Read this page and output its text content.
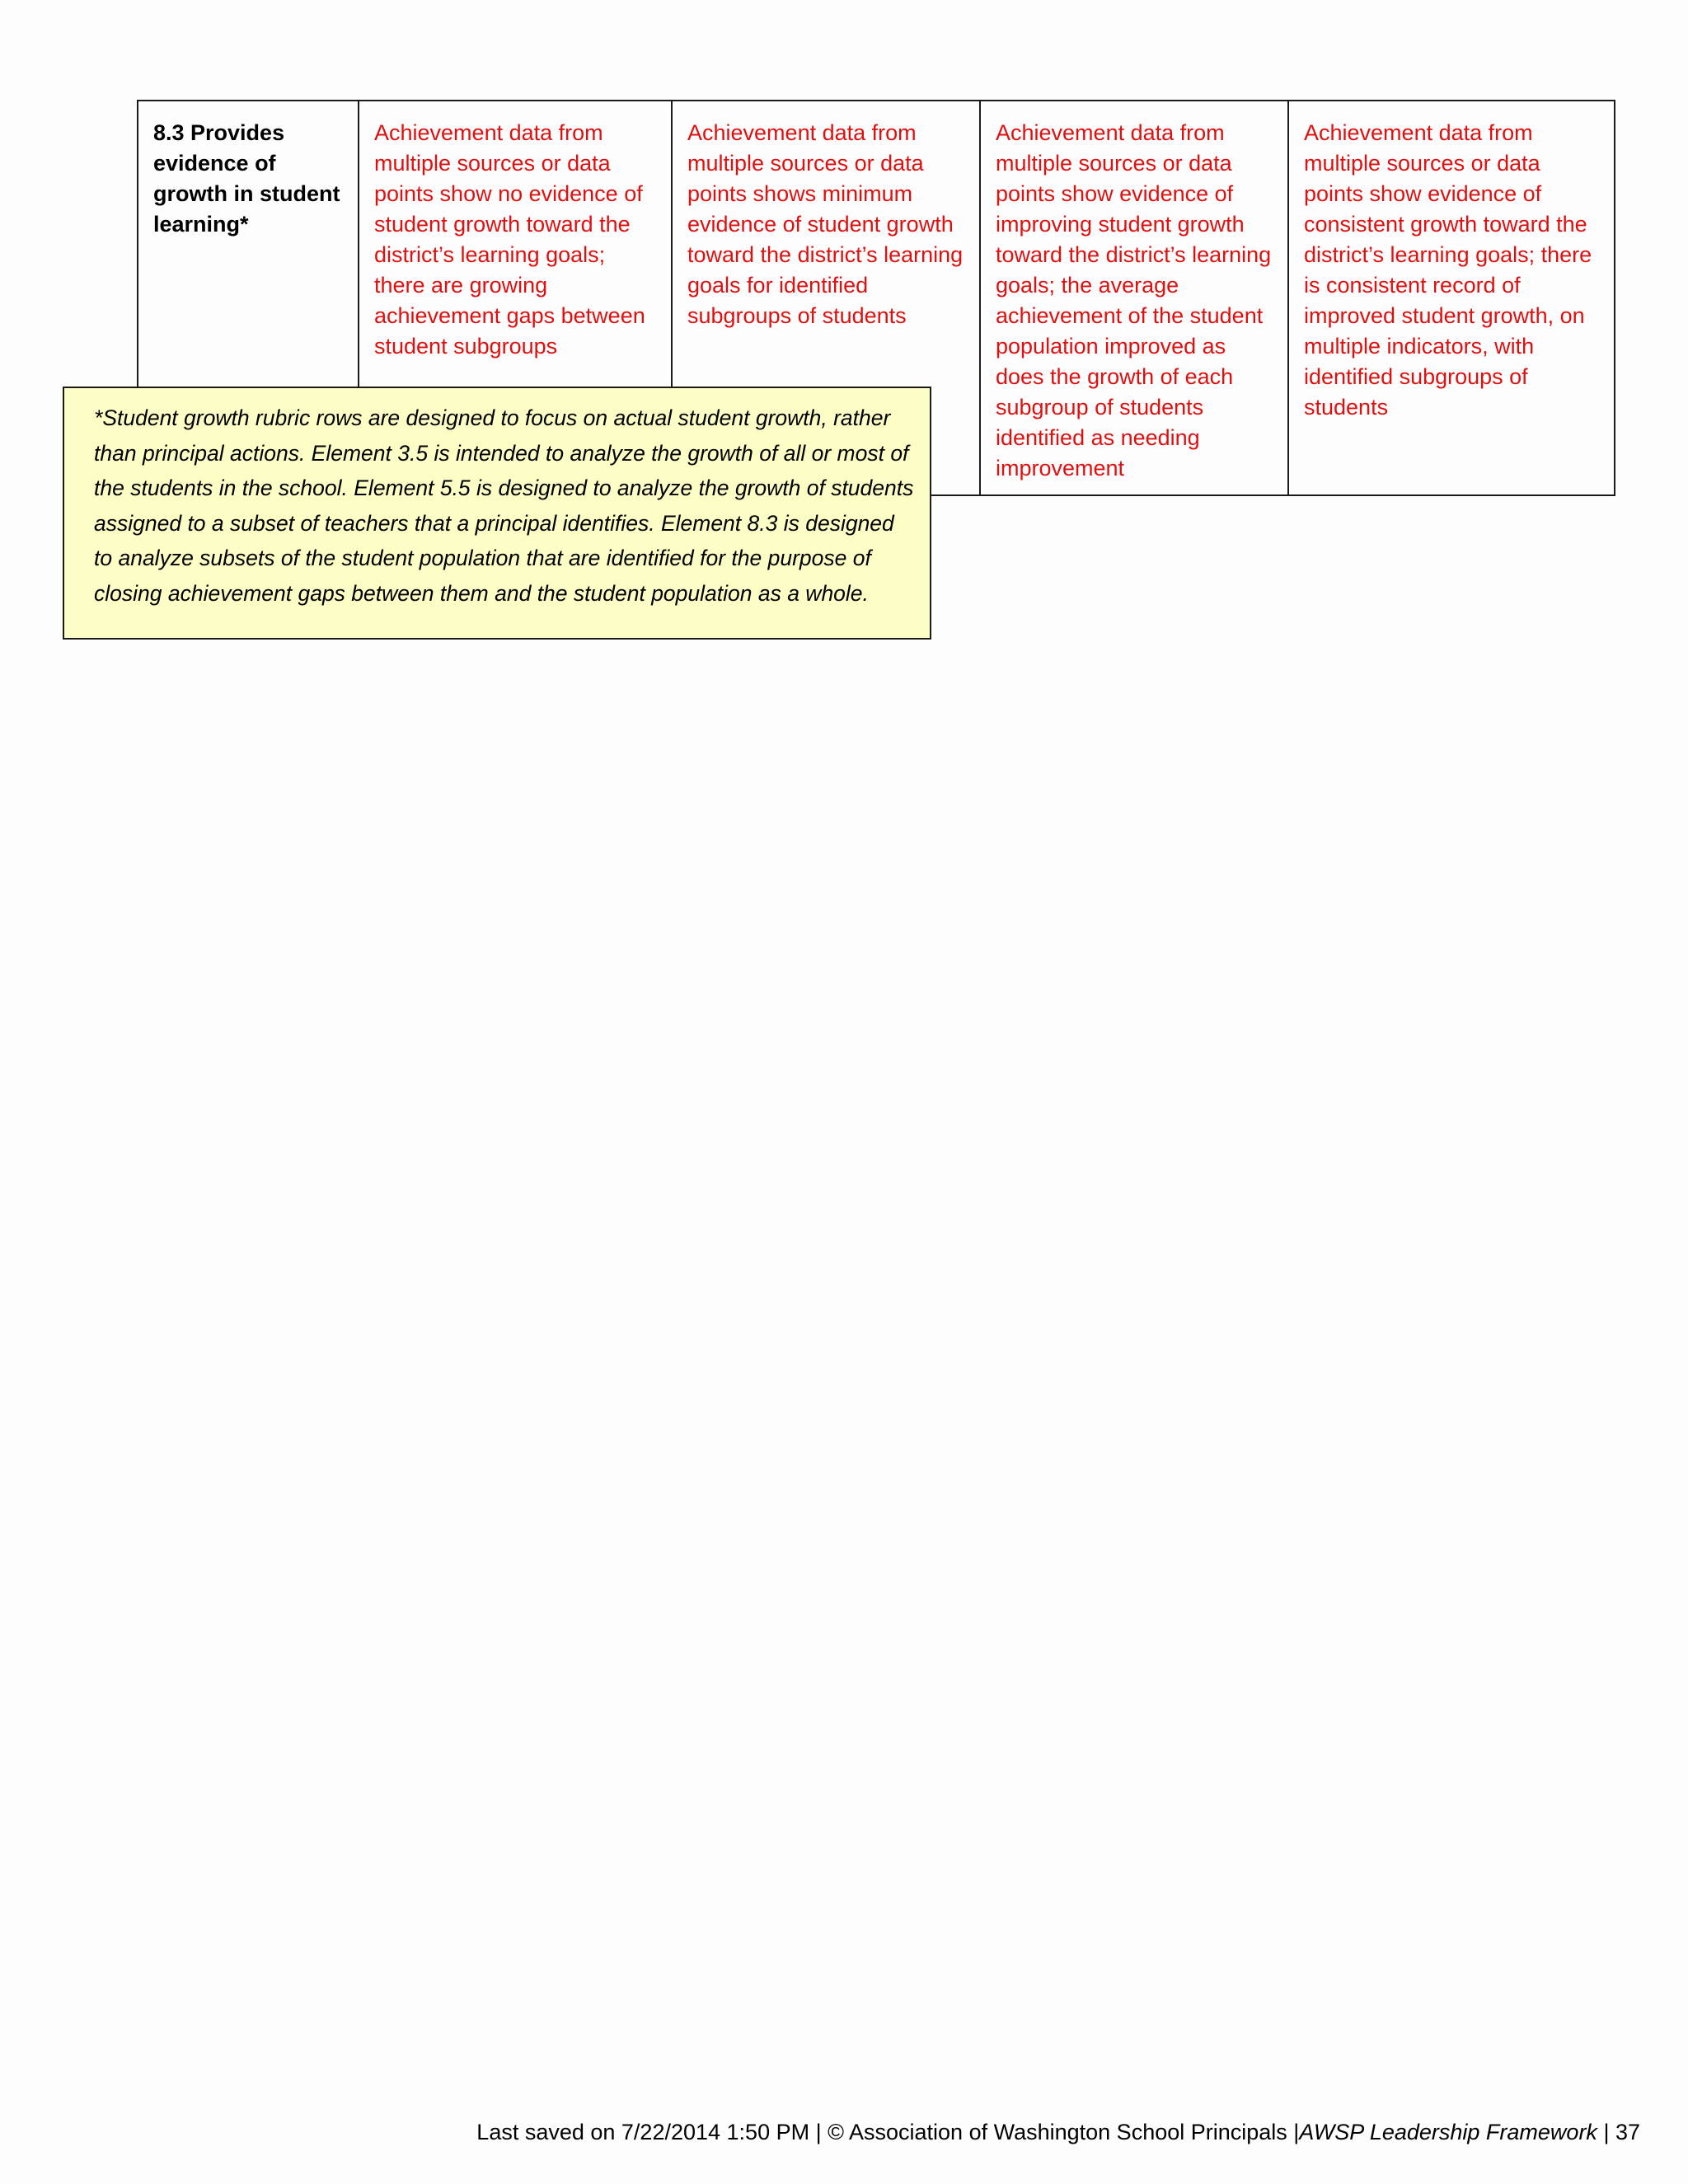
8.3 Provides evidence of growth in student learning*	Achievement data from multiple sources or data points show no evidence of student growth toward the district’s learning goals; there are growing achievement gaps between student subgroups	Achievement data from multiple sources or data points shows minimum evidence of student growth toward the district’s learning goals for identified subgroups of students	Achievement data from multiple sources or data points show evidence of improving student growth toward the district’s learning goals; the average achievement of the student population improved as does the growth of each subgroup of students identified as needing improvement	Achievement data from multiple sources or data points show evidence of consistent growth toward the district’s learning goals; there is consistent record of improved student growth, on multiple indicators, with identified subgroups of students

*Student growth rubric rows are designed to focus on actual student growth, rather than principal actions. Element 3.5 is intended to analyze the growth of all or most of the students in the school. Element 5.5 is designed to analyze the growth of students assigned to a subset of teachers that a principal identifies. Element 8.3 is designed to analyze subsets of the student population that are identified for the purpose of closing achievement gaps between them and the student population as a whole.

Last saved on 7/22/2014 1:50 PM | © Association of Washington School Principals |AWSP Leadership Framework | 37
